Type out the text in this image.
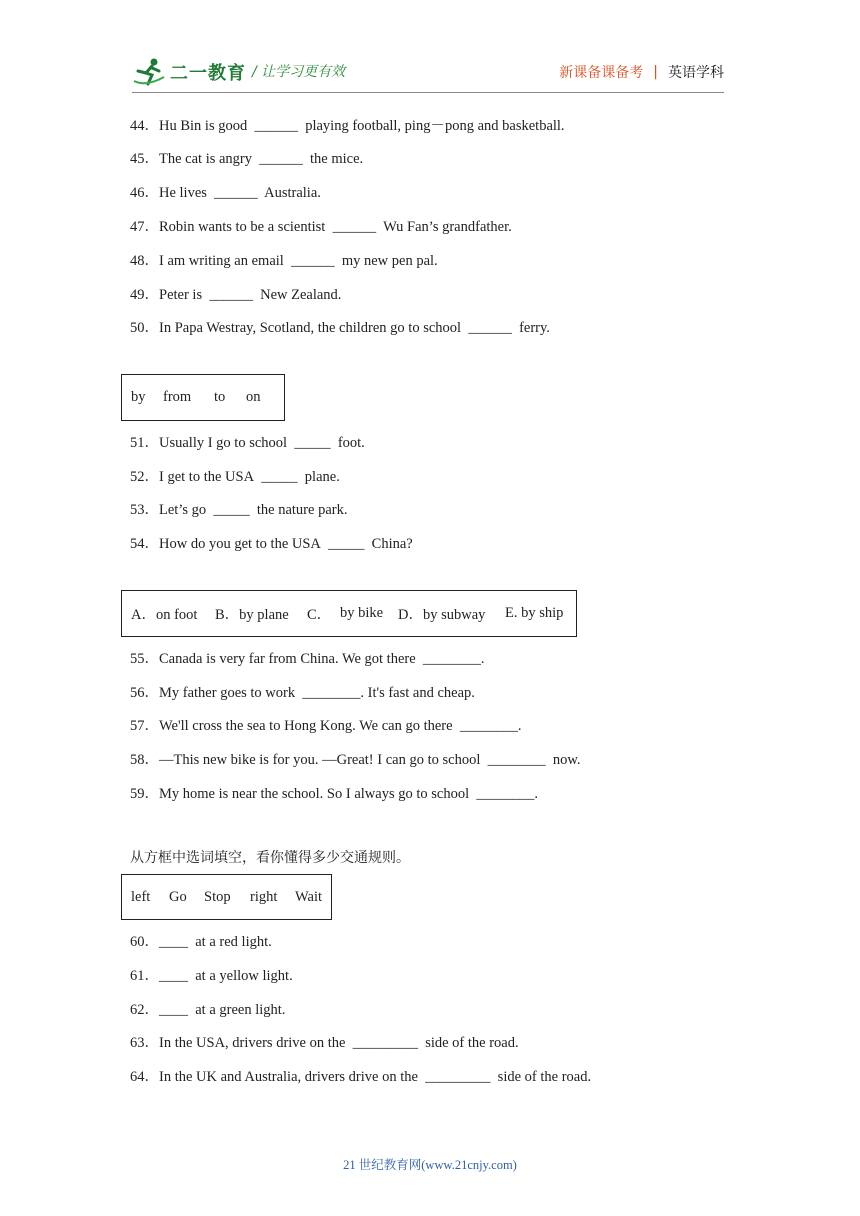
二一教育 / 让学习更有效	新课备课备考 | 英语学科
44．Hu Bin is good ______ playing football, ping－pong and basketball.
45．The cat is angry ______ the mice.
46．He lives ______ Australia.
47．Robin wants to be a scientist ______ Wu Fan’s grandfather.
48．I am writing an email ______ my new pen pal.
49．Peter is ______ New Zealand.
50．In Papa Westray, Scotland, the children go to school ______ ferry.
by	from	to	on
51．Usually I go to school _____ foot.
52．I get to the USA _____ plane.
53．Let’s go _____ the nature park.
54．How do you get to the USA _____ China?
A．on foot	B．by plane	C． by bike	D．by subway	E. by ship
55．Canada is very far from China. We got there ________.
56．My father goes to work ________. It's fast and cheap.
57．We'll cross the sea to Hong Kong. We can go there ________.
58．—This new bike is for you. —Great! I can go to school ________ now.
59．My home is near the school. So I always go to school ________.
从方框中选词填空，看你懂得多少交通规则。
left	Go	Stop	right	Wait
60．____ at a red light.
61．____ at a yellow light.
62．____ at a green light.
63．In the USA, drivers drive on the _________ side of the road.
64．In the UK and Australia, drivers drive on the _________ side of the road.
21 世纪教育网(www.21cnjy.com)
